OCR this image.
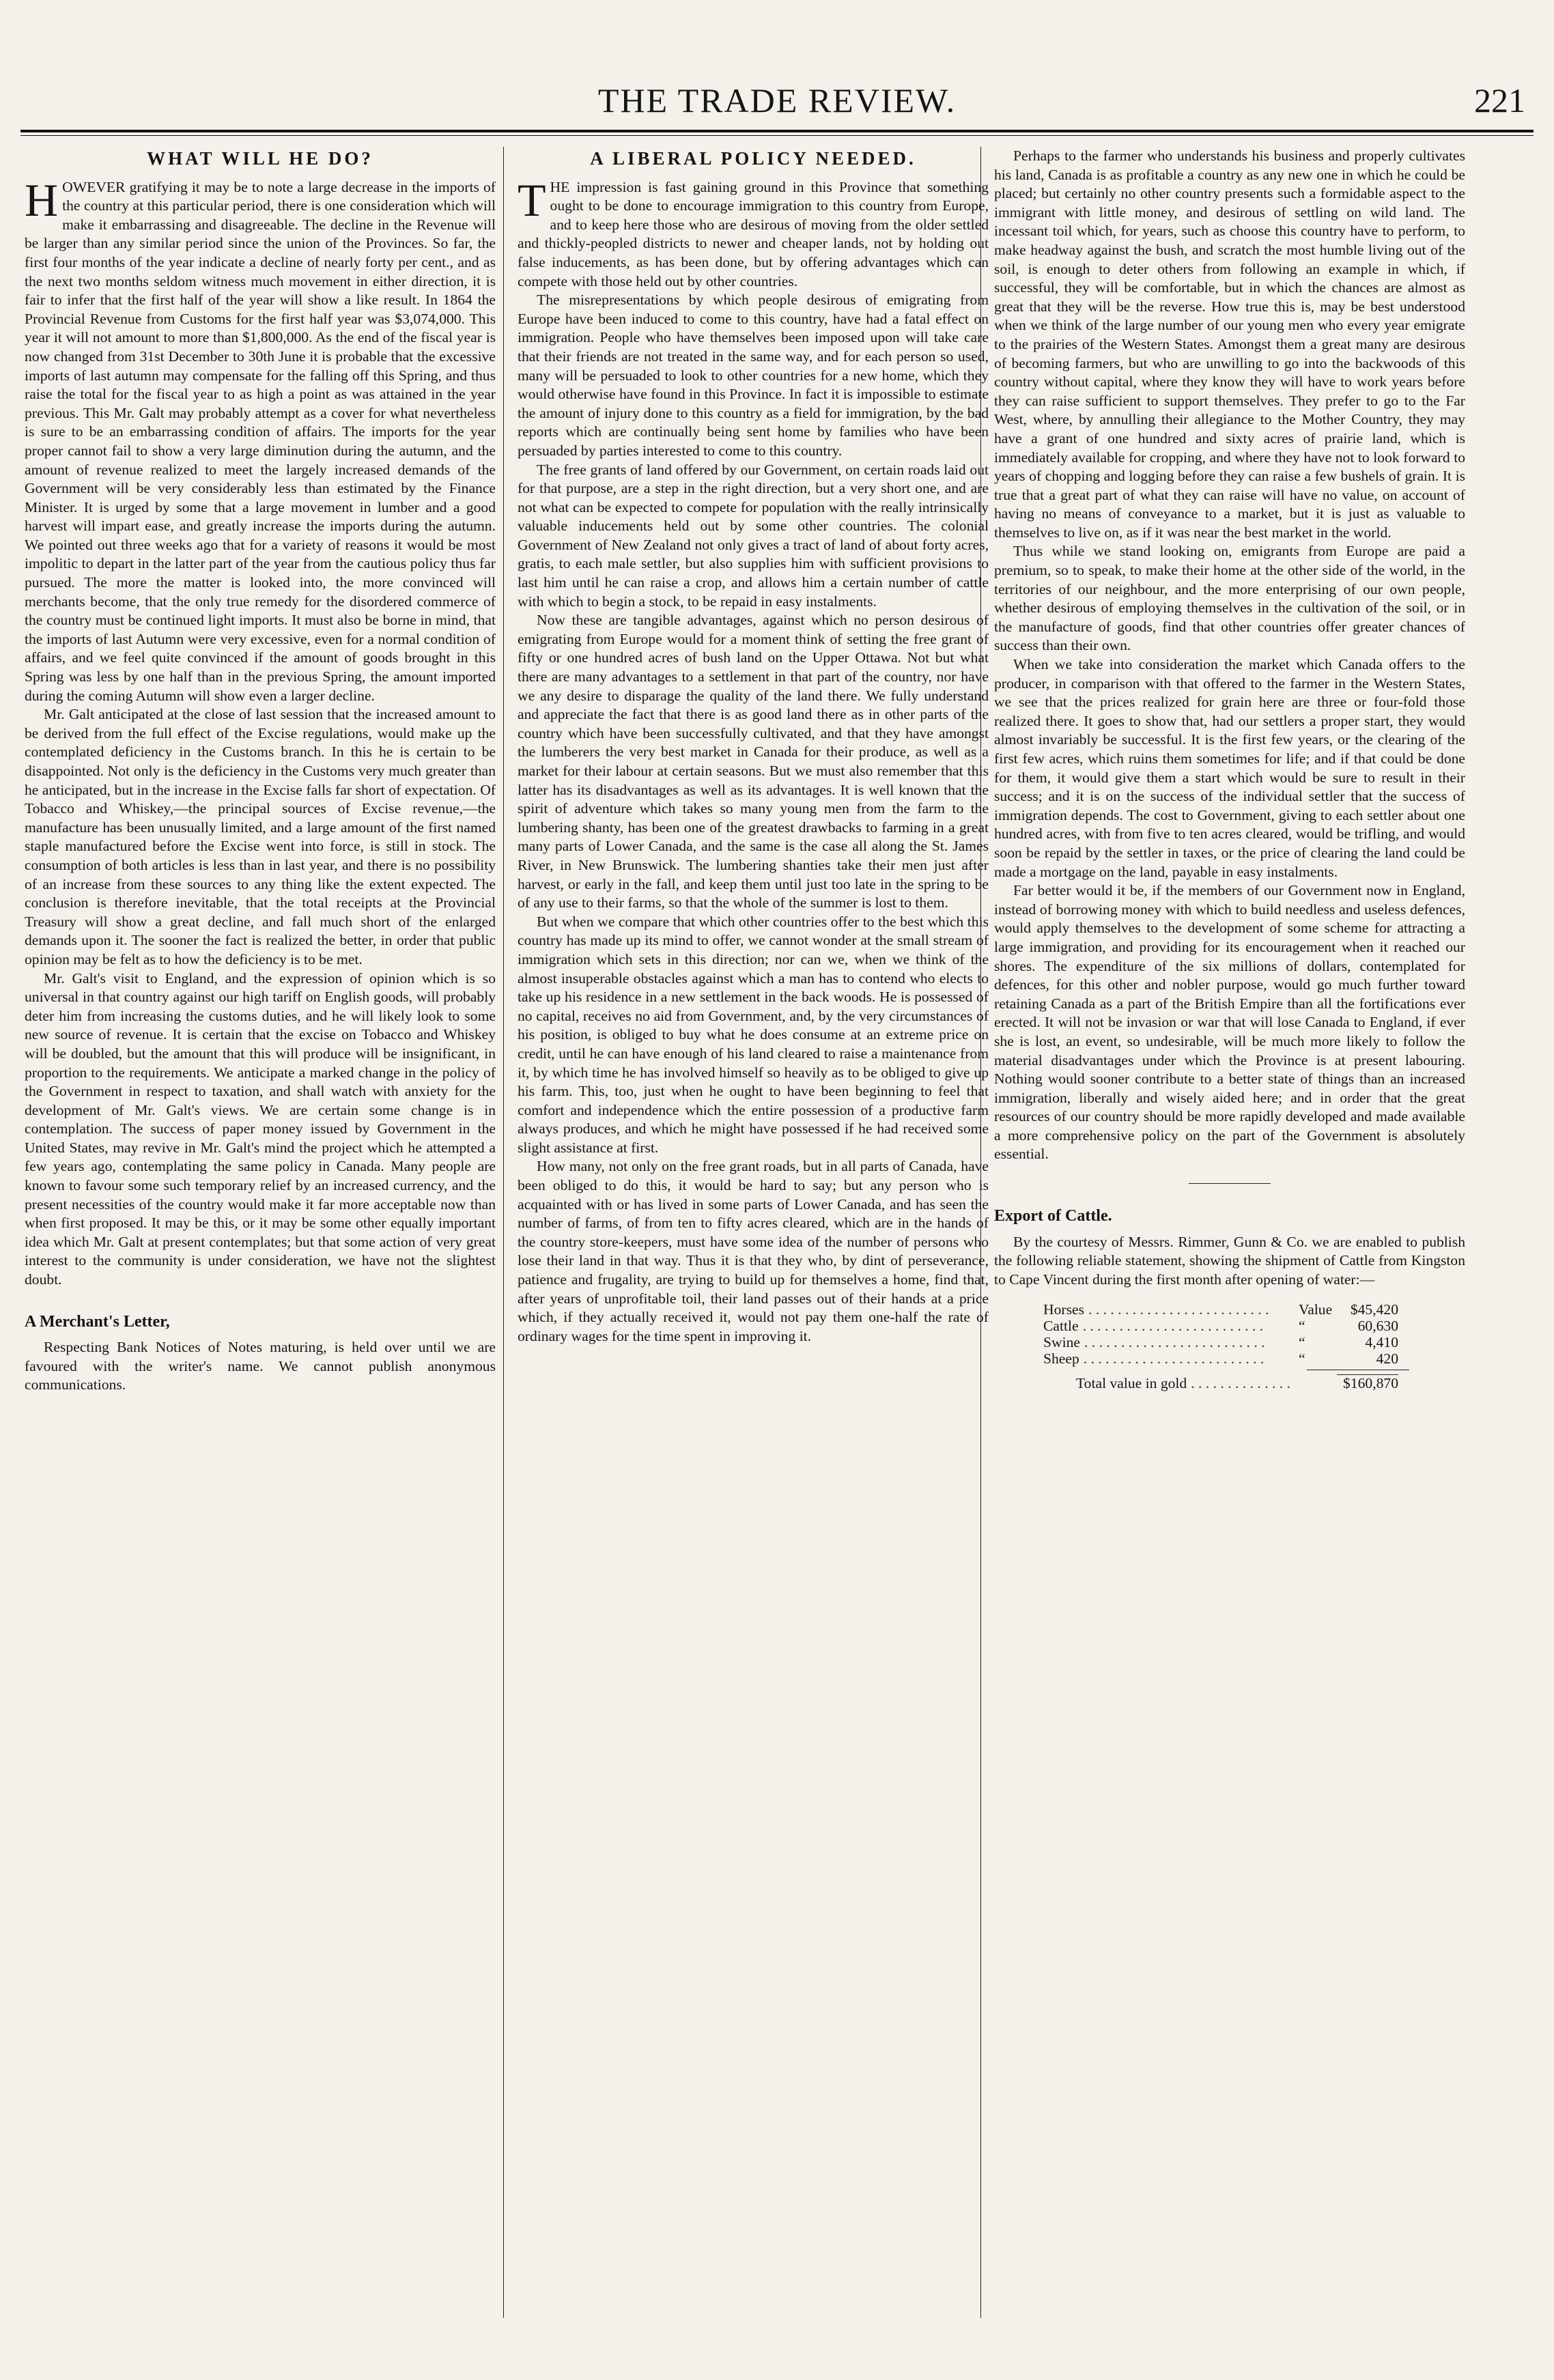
THE TRADE REVIEW.	221
WHAT WILL HE DO?

HOWEVER gratifying it may be to note a large decrease in the imports of the country at this particular period, there is one consideration which will make it embarrassing and disagreeable. The decline in the Revenue will be larger than any similar period since the union of the Provinces. So far, the first four months of the year indicate a decline of nearly forty per cent., and as the next two months seldom witness much movement in either direction, it is fair to infer that the first half of the year will show a like result. In 1864 the Provincial Revenue from Customs for the first half year was $3,074,000. This year it will not amount to more than $1,800,000. As the end of the fiscal year is now changed from 31st December to 30th June it is probable that the excessive imports of last autumn may compensate for the falling off this Spring, and thus raise the total for the fiscal year to as high a point as was attained in the year previous. This Mr. Galt may probably attempt as a cover for what nevertheless is sure to be an embarrassing condition of affairs. The imports for the year proper cannot fail to show a very large diminution during the autumn, and the amount of revenue realized to meet the largely increased demands of the Government will be very considerably less than estimated by the Finance Minister. It is urged by some that a large movement in lumber and a good harvest will impart ease, and greatly increase the imports during the autumn. We pointed out three weeks ago that for a variety of reasons it would be most impolitic to depart in the latter part of the year from the cautious policy thus far pursued. The more the matter is looked into, the more convinced will merchants become, that the only true remedy for the disordered commerce of the country must be continued light imports. It must also be borne in mind, that the imports of last Autumn were very excessive, even for a normal condition of affairs, and we feel quite convinced if the amount of goods brought in this Spring was less by one half than in the previous Spring, the amount imported during the coming Autumn will show even a larger decline.

Mr. Galt anticipated at the close of last session that the increased amount to be derived from the full effect of the Excise regulations, would make up the contemplated deficiency in the Customs branch. In this he is certain to be disappointed. Not only is the deficiency in the Customs very much greater than he anticipated, but in the increase in the Excise falls far short of expectation. Of Tobacco and Whiskey,—the principal sources of Excise revenue,—the manufacture has been unusually limited, and a large amount of the first named staple manufactured before the Excise went into force, is still in stock. The consumption of both articles is less than in last year, and there is no possibility of an increase from these sources to any thing like the extent expected. The conclusion is therefore inevitable, that the total receipts at the Provincial Treasury will show a great decline, and fall much short of the enlarged demands upon it. The sooner the fact is realized the better, in order that public opinion may be felt as to how the deficiency is to be met.

Mr. Galt's visit to England, and the expression of opinion which is so universal in that country against our high tariff on English goods, will probably deter him from increasing the customs duties, and he will likely look to some new source of revenue. It is certain that the excise on Tobacco and Whiskey will be doubled, but the amount that this will produce will be insignificant, in proportion to the requirements. We anticipate a marked change in the policy of the Government in respect to taxation, and shall watch with anxiety for the development of Mr. Galt's views. We are certain some change is in contemplation. The success of paper money issued by Government in the United States, may revive in Mr. Galt's mind the project which he attempted a few years ago, contemplating the same policy in Canada. Many people are known to favour some such temporary relief by an increased currency, and the present necessities of the country would make it far more acceptable now than when first proposed. It may be this, or it may be some other equally important idea which Mr. Galt at present contemplates; but that some action of very great interest to the community is under consideration, we have not the slightest doubt.

A Merchant's Letter,

Respecting Bank Notices of Notes maturing, is held over until we are favoured with the writer's name. We cannot publish anonymous communications.

A LIBERAL POLICY NEEDED.

THE impression is fast gaining ground in this Province that something ought to be done to encourage immigration to this country from Europe, and to keep here those who are desirous of moving from the older settled and thickly-peopled districts to newer and cheaper lands, not by holding out false inducements, as has been done, but by offering advantages which can compete with those held out by other countries.

The misrepresentations by which people desirous of emigrating from Europe have been induced to come to this country, have had a fatal effect on immigration. People who have themselves been imposed upon will take care that their friends are not treated in the same way, and for each person so used, many will be persuaded to look to other countries for a new home, which they would otherwise have found in this Province. In fact it is impossible to estimate the amount of injury done to this country as a field for immigration, by the bad reports which are continually being sent home by families who have been persuaded by parties interested to come to this country.

The free grants of land offered by our Government, on certain roads laid out for that purpose, are a step in the right direction, but a very short one, and are not what can be expected to compete for population with the really intrinsically valuable inducements held out by some other countries. The colonial Government of New Zealand not only gives a tract of land of about forty acres, gratis, to each male settler, but also supplies him with sufficient provisions to last him until he can raise a crop, and allows him a certain number of cattle with which to begin a stock, to be repaid in easy instalments.

Now these are tangible advantages, against which no person desirous of emigrating from Europe would for a moment think of setting the free grant of fifty or one hundred acres of bush land on the Upper Ottawa. Not but what there are many advantages to a settlement in that part of the country, nor have we any desire to disparage the quality of the land there. We fully understand and appreciate the fact that there is as good land there as in other parts of the country which have been successfully cultivated, and that they have amongst the lumberers the very best market in Canada for their produce, as well as a market for their labour at certain seasons. But we must also remember that this latter has its disadvantages as well as its advantages. It is well known that the spirit of adventure which takes so many young men from the farm to the lumbering shanty, has been one of the greatest drawbacks to farming in a great many parts of Lower Canada, and the same is the case all along the St. James River, in New Brunswick. The lumbering shanties take their men just after harvest, or early in the fall, and keep them until just too late in the spring to be of any use to their farms, so that the whole of the summer is lost to them.

But when we compare that which other countries offer to the best which this country has made up its mind to offer, we cannot wonder at the small stream of immigration which sets in this direction; nor can we, when we think of the almost insuperable obstacles against which a man has to contend who elects to take up his residence in a new settlement in the back woods. He is possessed of no capital, receives no aid from Government, and, by the very circumstances of his position, is obliged to buy what he does consume at an extreme price on credit, until he can have enough of his land cleared to raise a maintenance from it, by which time he has involved himself so heavily as to be obliged to give up his farm. This, too, just when he ought to have been beginning to feel that comfort and independence which the entire possession of a productive farm always produces, and which he might have possessed if he had received some slight assistance at first.

How many, not only on the free grant roads, but in all parts of Canada, have been obliged to do this, it would be hard to say; but any person who is acquainted with or has lived in some parts of Lower Canada, and has seen the number of farms, of from ten to fifty acres cleared, which are in the hands of the country store-keepers, must have some idea of the number of persons who lose their land in that way. Thus it is that they who, by dint of perseverance, patience and frugality, are trying to build up for themselves a home, find that, after years of unprofitable toil, their land passes out of their hands at a price which, if they actually received it, would not pay them one-half the rate of ordinary wages for the time spent in improving it.

Perhaps to the farmer who understands his business and properly cultivates his land, Canada is as profitable a country as any new one in which he could be placed; but certainly no other country presents such a formidable aspect to the immigrant with little money, and desirous of settling on wild land. The incessant toil which, for years, such as choose this country have to perform, to make headway against the bush, and scratch the most humble living out of the soil, is enough to deter others from following an example in which, if successful, they will be comfortable, but in which the chances are almost as great that they will be the reverse. How true this is, may be best understood when we think of the large number of our young men who every year emigrate to the prairies of the Western States. Amongst them a great many are desirous of becoming farmers, but who are unwilling to go into the backwoods of this country without capital, where they know they will have to work years before they can raise sufficient to support themselves. They prefer to go to the Far West, where, by annulling their allegiance to the Mother Country, they may have a grant of one hundred and sixty acres of prairie land, which is immediately available for cropping, and where they have not to look forward to years of chopping and logging before they can raise a few bushels of grain. It is true that a great part of what they can raise will have no value, on account of having no means of conveyance to a market, but it is just as valuable to themselves to live on, as if it was near the best market in the world.

Thus while we stand looking on, emigrants from Europe are paid a premium, so to speak, to make their home at the other side of the world, in the territories of our neighbour, and the more enterprising of our own people, whether desirous of employing themselves in the cultivation of the soil, or in the manufacture of goods, find that other countries offer greater chances of success than their own.

When we take into consideration the market which Canada offers to the producer, in comparison with that offered to the farmer in the Western States, we see that the prices realized for grain here are three or four-fold those realized there. It goes to show that, had our settlers a proper start, they would almost invariably be successful. It is the first few years, or the clearing of the first few acres, which ruins them sometimes for life; and if that could be done for them, it would give them a start which would be sure to result in their success; and it is on the success of the individual settler that the success of immigration depends. The cost to Government, giving to each settler about one hundred acres, with from five to ten acres cleared, would be trifling, and would soon be repaid by the settler in taxes, or the price of clearing the land could be made a mortgage on the land, payable in easy instalments.

Far better would it be, if the members of our Government now in England, instead of borrowing money with which to build needless and useless defences, would apply themselves to the development of some scheme for attracting a large immigration, and providing for its encouragement when it reached our shores. The expenditure of the six millions of dollars, contemplated for defences, for this other and nobler purpose, would go much further toward retaining Canada as a part of the British Empire than all the fortifications ever erected. It will not be invasion or war that will lose Canada to England, if ever she is lost, an event, so undesirable, will be much more likely to follow the material disadvantages under which the Province is at present labouring. Nothing would sooner contribute to a better state of things than an increased immigration, liberally and wisely aided here; and in order that the great resources of our country should be more rapidly developed and made available a more comprehensive policy on the part of the Government is absolutely essential.

Export of Cattle.

By the courtesy of Messrs. Rimmer, Gunn & Co. we are enabled to publish the following reliable statement, showing the shipment of Cattle from Kingston to Cape Vincent during the first month after opening of water:—

Horses . . . . . . . . . . . . . . . . . . . . . . . . .	Value	$45,420
Cattle . . . . . . . . . . . . . . . . . . . . . . . . .	“	60,630
Swine . . . . . . . . . . . . . . . . . . . . . . . . .	“	4,410
Sheep . . . . . . . . . . . . . . . . . . . . . . . . .	“	420
Total value in gold . . . . . . . . . . . . . .	$160,870
